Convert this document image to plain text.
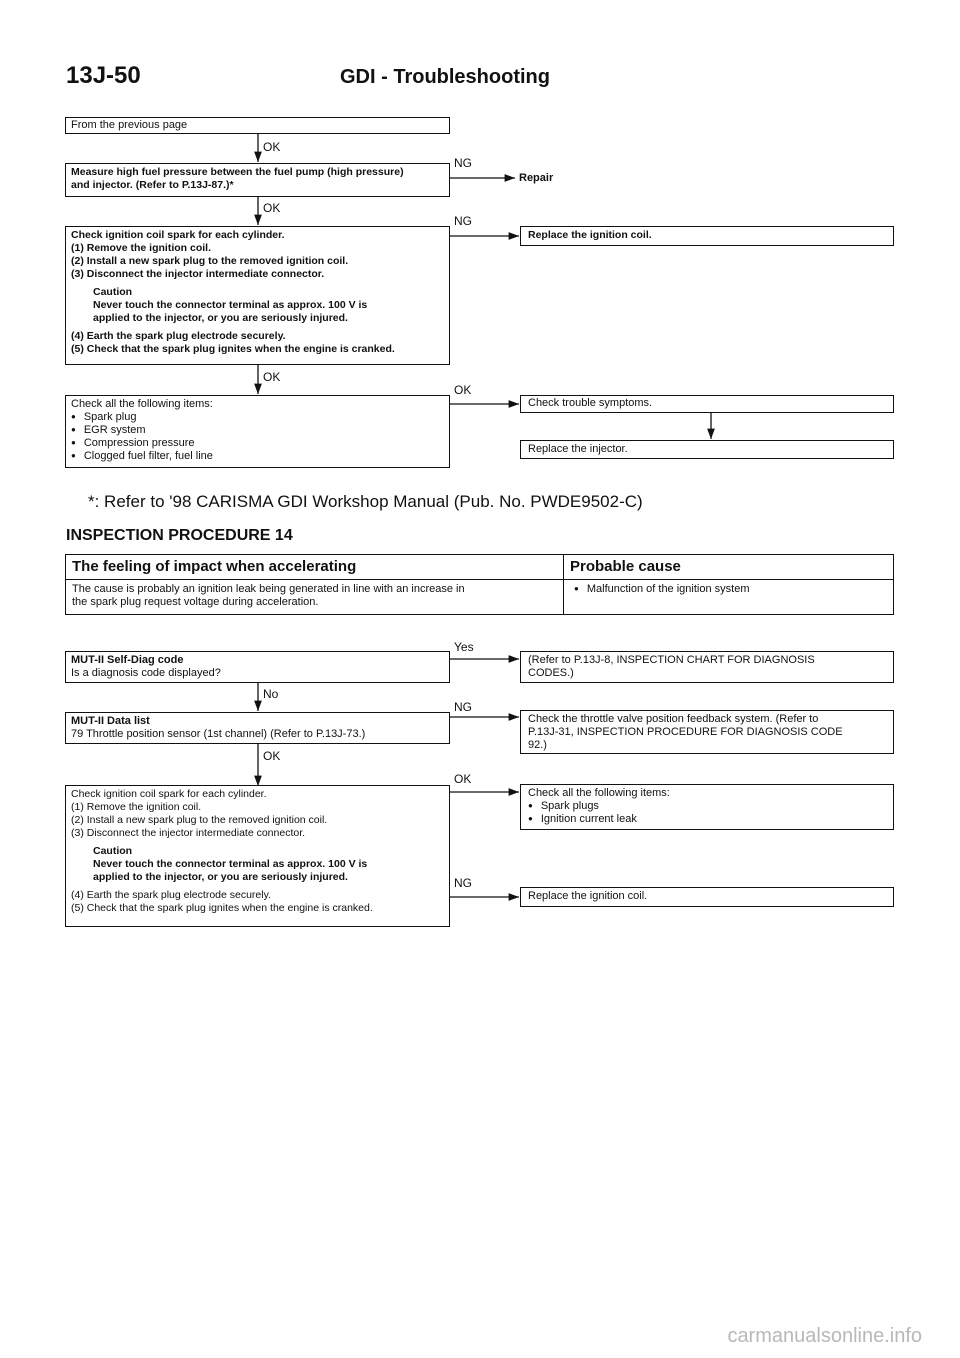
13J-50	GDI - Troubleshooting
From the previous page
OK
Measure high fuel pressure between the fuel pump (high pressure)
and injector. (Refer to P.13J-87.)*
NG
Repair
OK
Check ignition coil spark for each cylinder.
(1) Remove the ignition coil.
(2) Install a new spark plug to the removed ignition coil.
(3) Disconnect the injector intermediate connector.
Caution
Never touch the connector terminal as approx. 100 V is
applied to the injector, or you are seriously injured.
(4) Earth the spark plug electrode securely.
(5) Check that the spark plug ignites when the engine is cranked.
NG
Replace the ignition coil.
OK
Check all the following items:
● Spark plug
● EGR system
● Compression pressure
● Clogged fuel filter, fuel line
OK
Check trouble symptoms.
Replace the injector.
*: Refer to '98 CARISMA GDI Workshop Manual (Pub. No. PWDE9502-C)
INSPECTION PROCEDURE 14
The feeling of impact when accelerating	Probable cause

The cause is probably an ignition leak being generated in line with an increase in
the spark plug request voltage during acceleration.	● Malfunction of the ignition system
Yes
MUT-II Self-Diag code
Is a diagnosis code displayed?
(Refer to P.13J-8, INSPECTION CHART FOR DIAGNOSIS
CODES.)
No
NG
MUT-II Data list
79 Throttle position sensor (1st channel) (Refer to P.13J-73.)
Check the throttle valve position feedback system. (Refer to
P.13J-31, INSPECTION PROCEDURE FOR DIAGNOSIS CODE
92.)
OK
OK
Check ignition coil spark for each cylinder.
(1) Remove the ignition coil.
(2) Install a new spark plug to the removed ignition coil.
(3) Disconnect the injector intermediate connector.
Caution
Never touch the connector terminal as approx. 100 V is
applied to the injector, or you are seriously injured.
(4) Earth the spark plug electrode securely.
(5) Check that the spark plug ignites when the engine is cranked.
Check all the following items:
● Spark plugs
● Ignition current leak
NG
Replace the ignition coil.
carmanualsonline.info
